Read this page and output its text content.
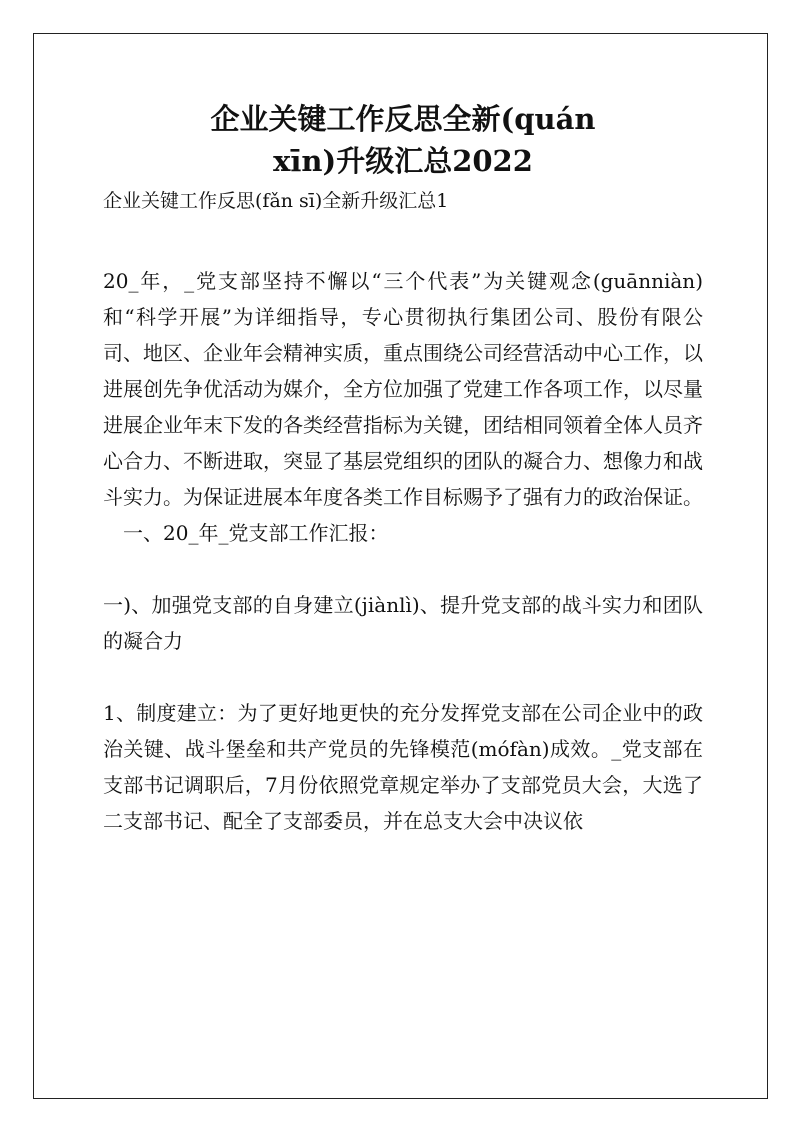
企业关键工作反思全新(quán
xīn)升级汇总2022

企业关键工作反思(fǎn sī)全新升级汇总1

20_年，_党支部坚持不懈以“三个代表”为关键观念(guānniàn)和“科学开展”为详细指导，专心贯彻执行集团公司、股份有限公司、地区、企业年会精神实质，重点围绕公司经营活动中心工作，以进展创先争优活动为媒介，全方位加强了党建工作各项工作，以尽量进展企业年末下发的各类经营指标为关键，团结相同领着全体人员齐心合力、不断进取，突显了基层党组织的团队的凝合力、想像力和战斗实力。为保证进展本年度各类工作目标赐予了强有力的政治保证。

一、20_年_党支部工作汇报：

一)、加强党支部的自身建立(jiànlì)、提升党支部的战斗实力和团队的凝合力

1、制度建立：为了更好地更快的充分发挥党支部在公司企业中的政治关键、战斗堡垒和共产党员的先锋模范(mófàn)成效。_党支部在支部书记调职后，7月份依照党章规定举办了支部党员大会，大选了二支部书记、配全了支部委员，并在总支大会中决议依
